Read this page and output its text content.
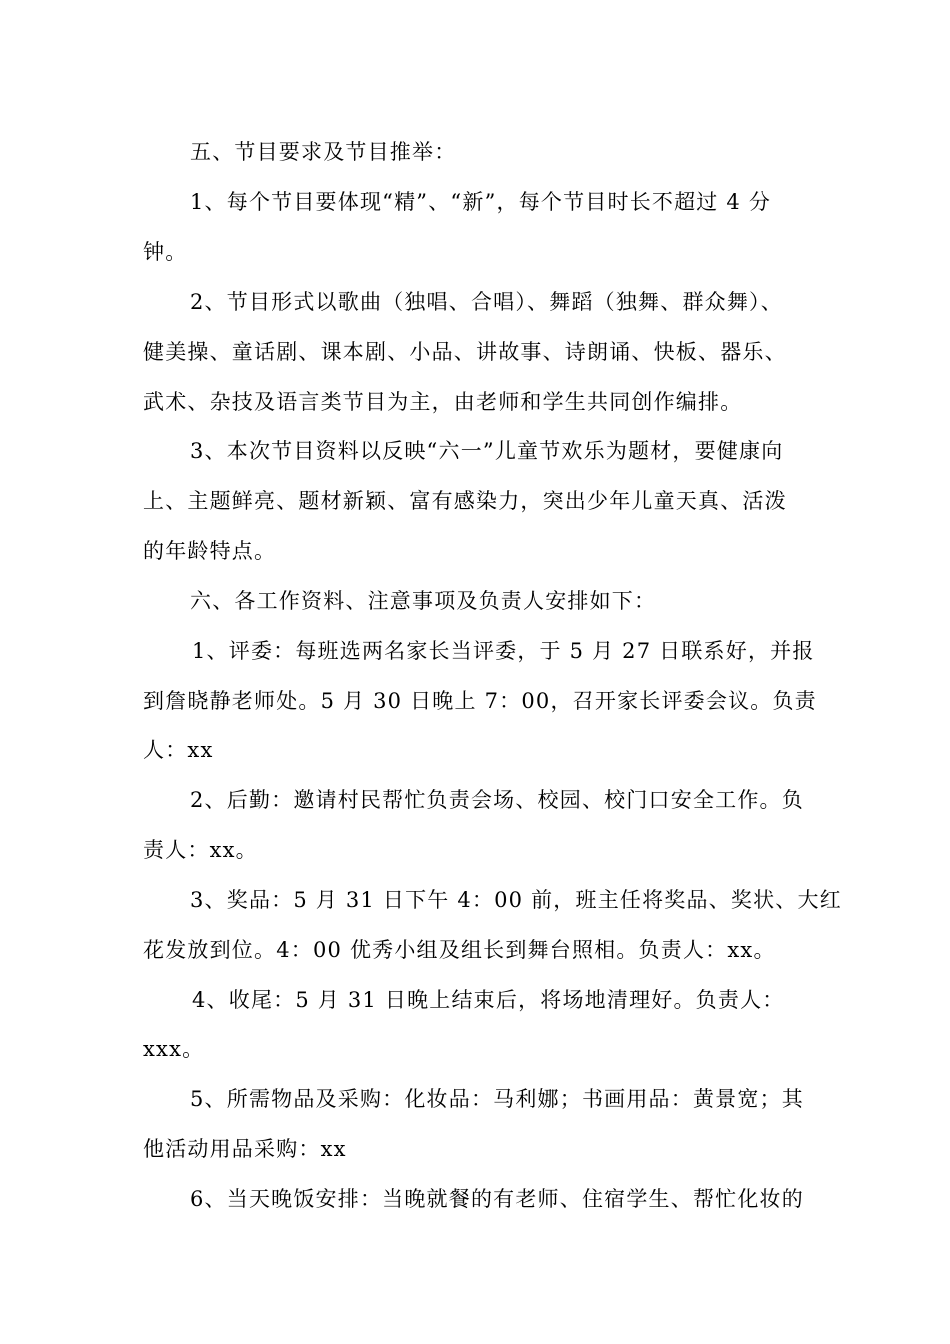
五、节目要求及节目推举：
1、每个节目要体现“精”、“新”，每个节目时长不超过 4 分
钟。
2、节目形式以歌曲（独唱、合唱）、舞蹈（独舞、群众舞）、
健美操、童话剧、课本剧、小品、讲故事、诗朗诵、快板、器乐、
武术、杂技及语言类节目为主，由老师和学生共同创作编排。
3、本次节目资料以反映“六一”儿童节欢乐为题材，要健康向
上、主题鲜亮、题材新颖、富有感染力，突出少年儿童天真、活泼
的年龄特点。
六、各工作资料、注意事项及负责人安排如下：
1、评委：每班选两名家长当评委，于 5 月 27 日联系好，并报
到詹晓静老师处。5 月 30 日晚上 7：00，召开家长评委会议。负责
人：xx
2、后勤：邀请村民帮忙负责会场、校园、校门口安全工作。负
责人：xx。
3、奖品：5 月 31 日下午 4：00 前，班主任将奖品、奖状、大红
花发放到位。4：00 优秀小组及组长到舞台照相。负责人：xx。
4、收尾：5 月 31 日晚上结束后，将场地清理好。负责人：
xxx。
5、所需物品及采购：化妆品：马利娜；书画用品：黄景宽；其
他活动用品采购：xx
6、当天晚饭安排：当晚就餐的有老师、住宿学生、帮忙化妆的
